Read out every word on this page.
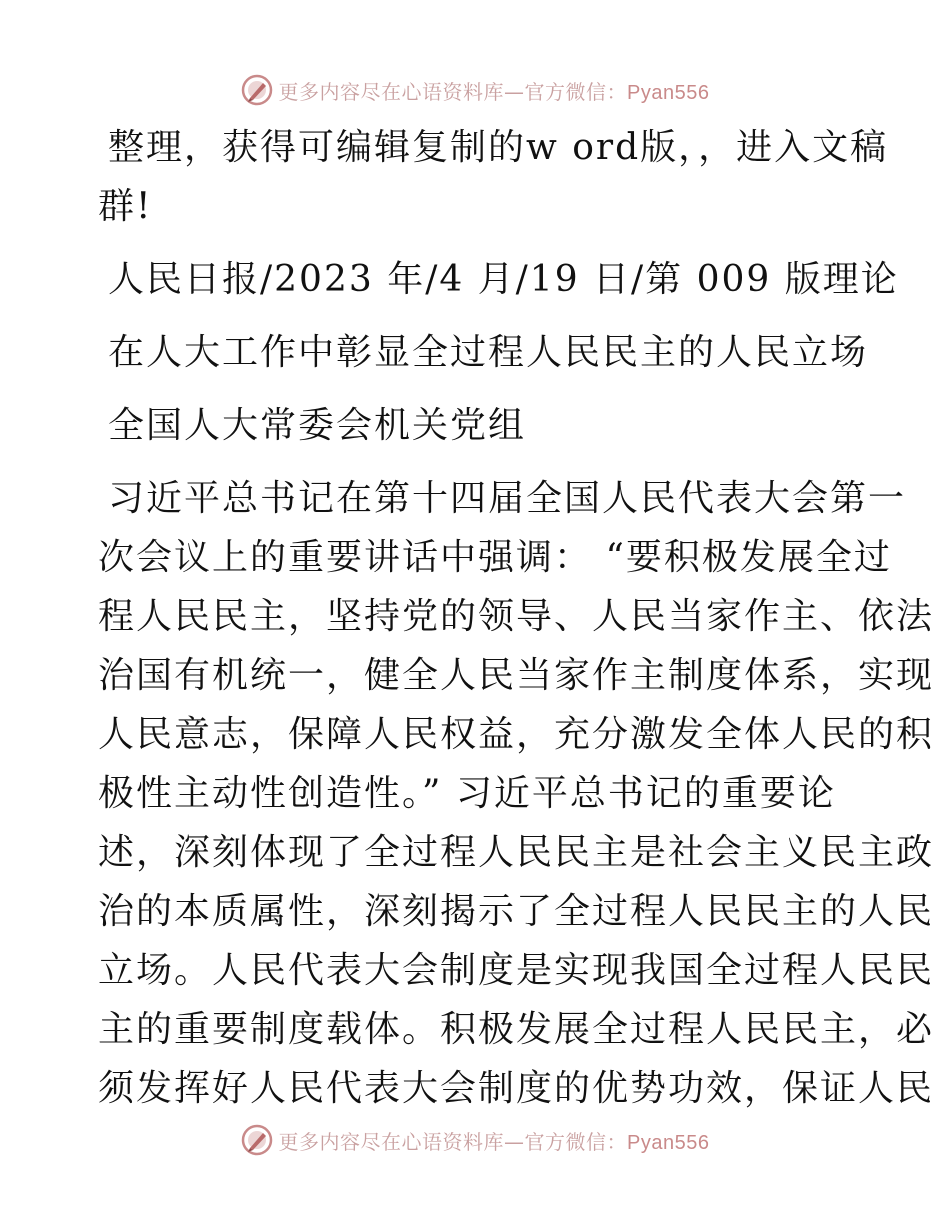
更多内容尽在心语资料库—官方微信：Pyan556

整理，获得可编辑复制的w ord版，，进入文稿

群!

人民日报/2023 年/4 月/19 日/第 009 版理论

在人大工作中彰显全过程人民民主的人民立场

全国人大常委会机关党组

习近平总书记在第十四届全国人民代表大会第一

次会议上的重要讲话中强调： “要积极发展全过

程人民民主，坚持党的领导、人民当家作主、依法

治国有机统一，健全人民当家作主制度体系，实现

人民意志，保障人民权益，充分激发全体人民的积

极性主动性创造性。” 习近平总书记的重要论

述，深刻体现了全过程人民民主是社会主义民主政

治的本质属性，深刻揭示了全过程人民民主的人民

立场。人民代表大会制度是实现我国全过程人民民

主的重要制度载体。积极发展全过程人民民主，必

须发挥好人民代表大会制度的优势功效，保证人民

更多内容尽在心语资料库—官方微信：Pyan556
